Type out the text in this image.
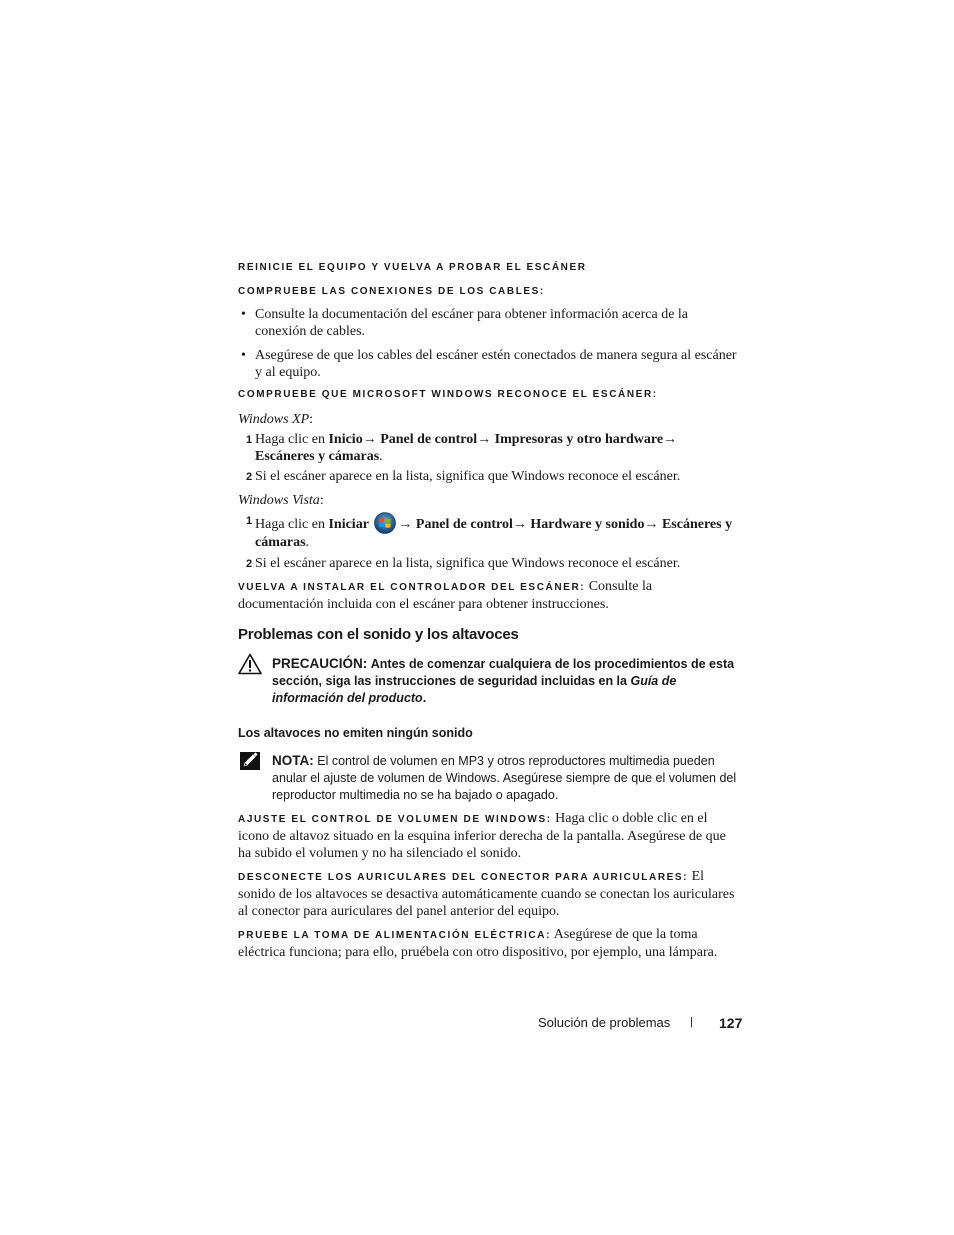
REINICIE EL EQUIPO Y VUELVA A PROBAR EL ESCÁNER

COMPRUEBE LAS CONEXIONES DE LOS CABLES:

• Consulte la documentación del escáner para obtener información acerca de la conexión de cables.

• Asegúrese de que los cables del escáner estén conectados de manera segura al escáner y al equipo.

COMPRUEBE QUE MICROSOFT WINDOWS RECONOCE EL ESCÁNER:

Windows XP:

1 Haga clic en Inicio→ Panel de control→ Impresoras y otro hardware→ Escáneres y cámaras.

2 Si el escáner aparece en la lista, significa que Windows reconoce el escáner.

Windows Vista:

1 Haga clic en Iniciar → Panel de control→ Hardware y sonido→ Escáneres y cámaras.

2 Si el escáner aparece en la lista, significa que Windows reconoce el escáner.

VUELVA A INSTALAR EL CONTROLADOR DEL ESCÁNER: Consulte la documentación incluida con el escáner para obtener instrucciones.

Problemas con el sonido y los altavoces
PRECAUCIÓN: Antes de comenzar cualquiera de los procedimientos de esta sección, siga las instrucciones de seguridad incluidas en la Guía de información del producto.
Los altavoces no emiten ningún sonido
NOTA: El control de volumen en MP3 y otros reproductores multimedia pueden anular el ajuste de volumen de Windows. Asegúrese siempre de que el volumen del reproductor multimedia no se ha bajado o apagado.

AJUSTE EL CONTROL DE VOLUMEN DE WINDOWS: Haga clic o doble clic en el icono de altavoz situado en la esquina inferior derecha de la pantalla. Asegúrese de que ha subido el volumen y no ha silenciado el sonido.

DESCONECTE LOS AURICULARES DEL CONECTOR PARA AURICULARES: El sonido de los altavoces se desactiva automáticamente cuando se conectan los auriculares al conector para auriculares del panel anterior del equipo.

PRUEBE LA TOMA DE ALIMENTACIÓN ELÉCTRICA: Asegúrese de que la toma eléctrica funciona; para ello, pruébela con otro dispositivo, por ejemplo, una lámpara.

Solución de problemas | 127
